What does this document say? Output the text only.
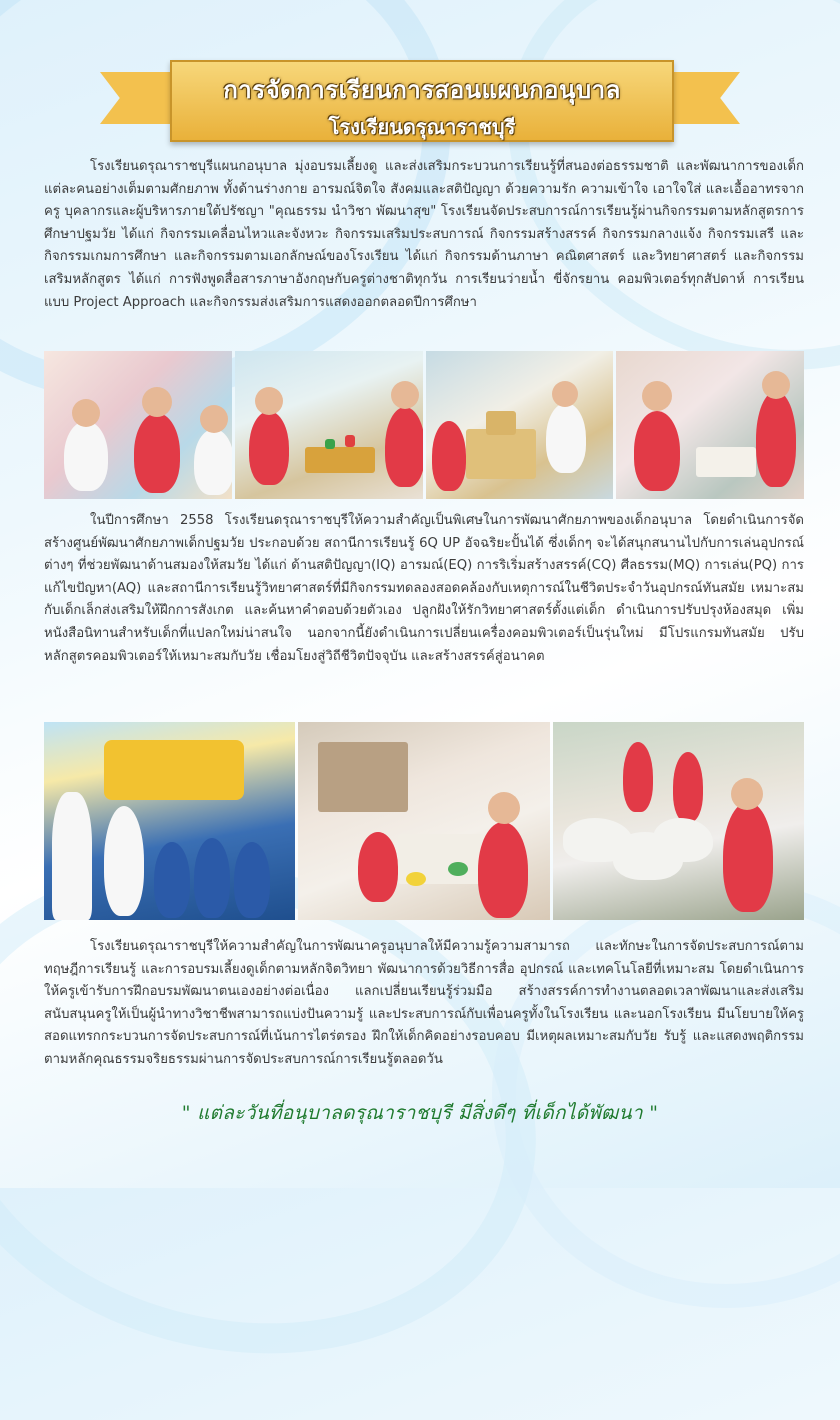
การจัดการเรียนการสอนแผนกอนุบาล
โรงเรียนดรุณาราชบุรี
โรงเรียนดรุณาราชบุรีแผนกอนุบาล มุ่งอบรมเลี้ยงดู และส่งเสริมกระบวนการเรียนรู้ที่สนองต่อธรรมชาติ และพัฒนาการของเด็กแต่ละคนอย่างเต็มตามศักยภาพ ทั้งด้านร่างกาย อารมณ์จิตใจ สังคมและสติปัญญา ด้วยความรัก ความเข้าใจ เอาใจใส่ และเอื้ออาทรจากครู บุคลากรและผู้บริหารภายใต้ปรัชญา "คุณธรรม นำวิชา พัฒนาสุข" โรงเรียนจัดประสบการณ์การเรียนรู้ผ่านกิจกรรมตามหลักสูตรการศึกษาปฐมวัย ได้แก่ กิจกรรมเคลื่อนไหวและจังหวะ กิจกรรมเสริมประสบการณ์ กิจกรรมสร้างสรรค์ กิจกรรมกลางแจ้ง กิจกรรมเสรี และกิจกรรมเกมการศึกษา และกิจกรรมตามเอกลักษณ์ของโรงเรียน ได้แก่ กิจกรรมด้านภาษา คณิตศาสตร์ และวิทยาศาสตร์ และกิจกรรมเสริมหลักสูตร ได้แก่ การฟังพูดสื่อสารภาษาอังกฤษกับครูต่างชาติทุกวัน การเรียนว่ายน้ำ ขี่จักรยาน คอมพิวเตอร์ทุกสัปดาห์ การเรียนแบบ Project Approach และกิจกรรมส่งเสริมการแสดงออกตลอดปีการศึกษา
ในปีการศึกษา 2558 โรงเรียนดรุณาราชบุรีให้ความสำคัญเป็นพิเศษในการพัฒนาศักยภาพของเด็กอนุบาล โดยดำเนินการจัดสร้างศูนย์พัฒนาศักยภาพเด็กปฐมวัย ประกอบด้วย สถานีการเรียนรู้ 6Q UP อัจฉริยะปั้นได้ ซึ่งเด็กๆ จะได้สนุกสนานไปกับการเล่นอุปกรณ์ต่างๆ ที่ช่วยพัฒนาด้านสมองให้สมวัย ได้แก่ ด้านสติปัญญา(IQ) อารมณ์(EQ) การริเริ่มสร้างสรรค์(CQ) ศีลธรรม(MQ) การเล่น(PQ) การแก้ไขปัญหา(AQ) และสถานีการเรียนรู้วิทยาศาสตร์ที่มีกิจกรรมทดลองสอดคล้องกับเหตุการณ์ในชีวิตประจำวันอุปกรณ์ทันสมัย เหมาะสมกับเด็กเล็กส่งเสริมให้ฝึกการสังเกต และค้นหาคำตอบด้วยตัวเอง ปลูกฝังให้รักวิทยาศาสตร์ตั้งแต่เด็ก ดำเนินการปรับปรุงห้องสมุด เพิ่มหนังสือนิทานสำหรับเด็กที่แปลกใหม่น่าสนใจ นอกจากนี้ยังดำเนินการเปลี่ยนเครื่องคอมพิวเตอร์เป็นรุ่นใหม่ มีโปรแกรมทันสมัย ปรับหลักสูตรคอมพิวเตอร์ให้เหมาะสมกับวัย เชื่อมโยงสู่วิถีชีวิตปัจจุบัน และสร้างสรรค์สู่อนาคต
โรงเรียนดรุณาราชบุรีให้ความสำคัญในการพัฒนาครูอนุบาลให้มีความรู้ความสามารถ และทักษะในการจัดประสบการณ์ตามทฤษฎีการเรียนรู้ และการอบรมเลี้ยงดูเด็กตามหลักจิตวิทยา พัฒนาการด้วยวิธีการสื่อ อุปกรณ์ และเทคโนโลยีที่เหมาะสม โดยดำเนินการให้ครูเข้ารับการฝึกอบรมพัฒนาตนเองอย่างต่อเนื่อง แลกเปลี่ยนเรียนรู้ร่วมมือ สร้างสรรค์การทำงานตลอดเวลาพัฒนาและส่งเสริมสนับสนุนครูให้เป็นผู้นำทางวิชาชีพสามารถแบ่งปันความรู้ และประสบการณ์กับเพื่อนครูทั้งในโรงเรียน และนอกโรงเรียน มีนโยบายให้ครูสอดแทรกกระบวนการจัดประสบการณ์ที่เน้นการไตร่ตรอง ฝึกให้เด็กคิดอย่างรอบคอบ มีเหตุผลเหมาะสมกับวัย รับรู้ และแสดงพฤติกรรมตามหลักคุณธรรมจริยธรรมผ่านการจัดประสบการณ์การเรียนรู้ตลอดวัน
" แต่ละวันที่อนุบาลดรุณาราชบุรี มีสิ่งดีๆ ที่เด็กได้พัฒนา "
